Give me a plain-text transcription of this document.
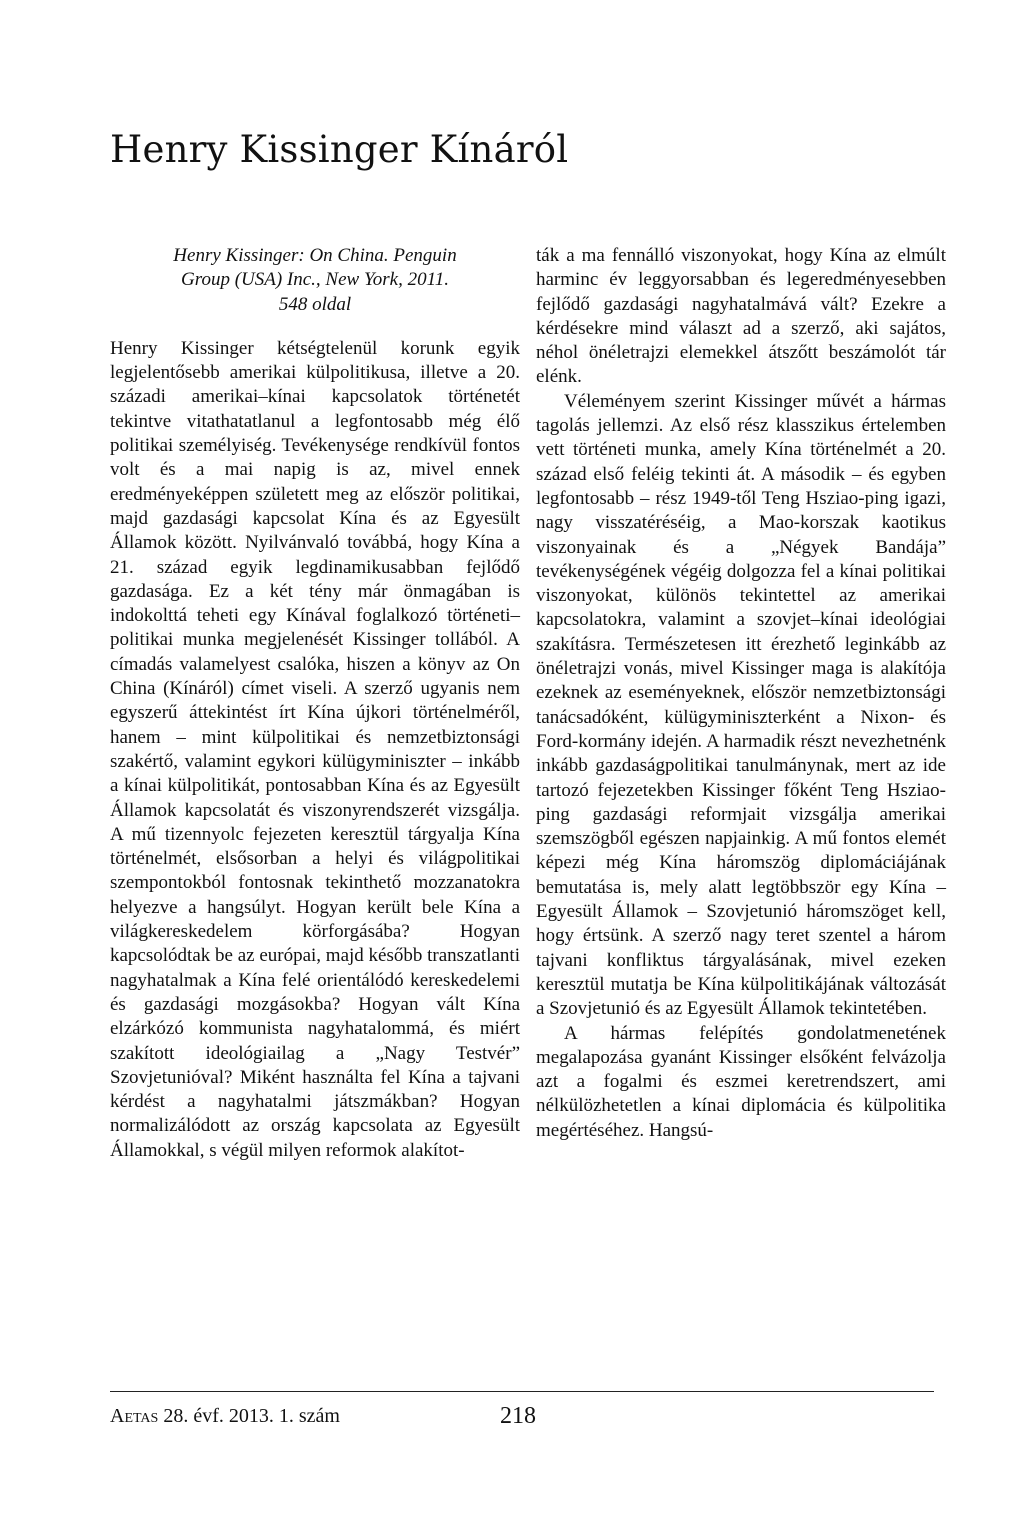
Henry Kissinger Kínáról
Henry Kissinger: On China. Penguin
Group (USA) Inc., New York, 2011.
548 oldal

Henry Kissinger kétségtelenül korunk egyik legjelentősebb amerikai külpolitikusa, illetve a 20. századi amerikai–kínai kapcsolatok történetét tekintve vitathatatlanul a legfontosabb még élő politikai személyiség. Tevékenysége rendkívül fontos volt és a mai napig is az, mivel ennek eredményeképpen született meg az először politikai, majd gazdasági kapcsolat Kína és az Egyesült Államok között. Nyilvánvaló továbbá, hogy Kína a 21. század egyik legdinamikusabban fejlődő gazdasága. Ez a két tény már önmagában is indokolttá teheti egy Kínával foglalkozó történeti–politikai munka megjelenését Kissinger tollából. A címadás valamelyest csalóka, hiszen a könyv az On China (Kínáról) címet viseli. A szerző ugyanis nem egyszerű áttekintést írt Kína újkori történelméről, hanem – mint külpolitikai és nemzetbiztonsági szakértő, valamint egykori külügyminiszter – inkább a kínai külpolitikát, pontosabban Kína és az Egyesült Államok kapcsolatát és viszonyrendszerét vizsgálja. A mű tizennyolc fejezeten keresztül tárgyalja Kína történelmét, elsősorban a helyi és világpolitikai szempontokból fontosnak tekinthető mozzanatokra helyezve a hangsúlyt. Hogyan került bele Kína a világkereskedelem körforgásába? Hogyan kapcsolódtak be az európai, majd később transzatlanti nagyhatalmak a Kína felé orientálódó kereskedelemi és gazdasági mozgásokba? Hogyan vált Kína elzárkózó kommunista nagyhatalommá, és miért szakított ideológiailag a „Nagy Testvér” Szovjetunióval? Miként használta fel Kína a tajvani kérdést a nagyhatalmi játszmákban? Hogyan normalizálódott az ország kapcsolata az Egyesült Államokkal, s végül milyen reformok alakítot-

ták a ma fennálló viszonyokat, hogy Kína az elmúlt harminc év leggyorsabban és legeredményesebben fejlődő gazdasági nagyhatalmává vált? Ezekre a kérdésekre mind választ ad a szerző, aki sajátos, néhol önéletrajzi elemekkel átszőtt beszámolót tár elénk.

Véleményem szerint Kissinger művét a hármas tagolás jellemzi. Az első rész klasszikus értelemben vett történeti munka, amely Kína történelmét a 20. század első feléig tekinti át. A második – és egyben legfontosabb – rész 1949-től Teng Hsziao-ping igazi, nagy visszatéréséig, a Mao-korszak kaotikus viszonyainak és a „Négyek Bandája” tevékenységének végéig dolgozza fel a kínai politikai viszonyokat, különös tekintettel az amerikai kapcsolatokra, valamint a szovjet–kínai ideológiai szakításra. Természetesen itt érezhető leginkább az önéletrajzi vonás, mivel Kissinger maga is alakítója ezeknek az eseményeknek, először nemzetbiztonsági tanácsadóként, külügyminiszterként a Nixon- és Ford-kormány idején. A harmadik részt nevezhetnénk inkább gazdaságpolitikai tanulmánynak, mert az ide tartozó fejezetekben Kissinger főként Teng Hsziao-ping gazdasági reformjait vizsgálja amerikai szemszögből egészen napjainkig. A mű fontos elemét képezi még Kína háromszög diplomáciájának bemutatása is, mely alatt legtöbbször egy Kína – Egyesült Államok – Szovjetunió háromszöget kell, hogy értsünk. A szerző nagy teret szentel a három tajvani konfliktus tárgyalásának, mivel ezeken keresztül mutatja be Kína külpolitikájának változását a Szovjetunió és az Egyesült Államok tekintetében.

A hármas felépítés gondolatmenetének megalapozása gyanánt Kissinger elsőként felvázolja azt a fogalmi és eszmei keretrendszert, ami nélkülözhetetlen a kínai diplomácia és külpolitika megértéséhez. Hangsú-

Aetas 28. évf. 2013. 1. szám	218
